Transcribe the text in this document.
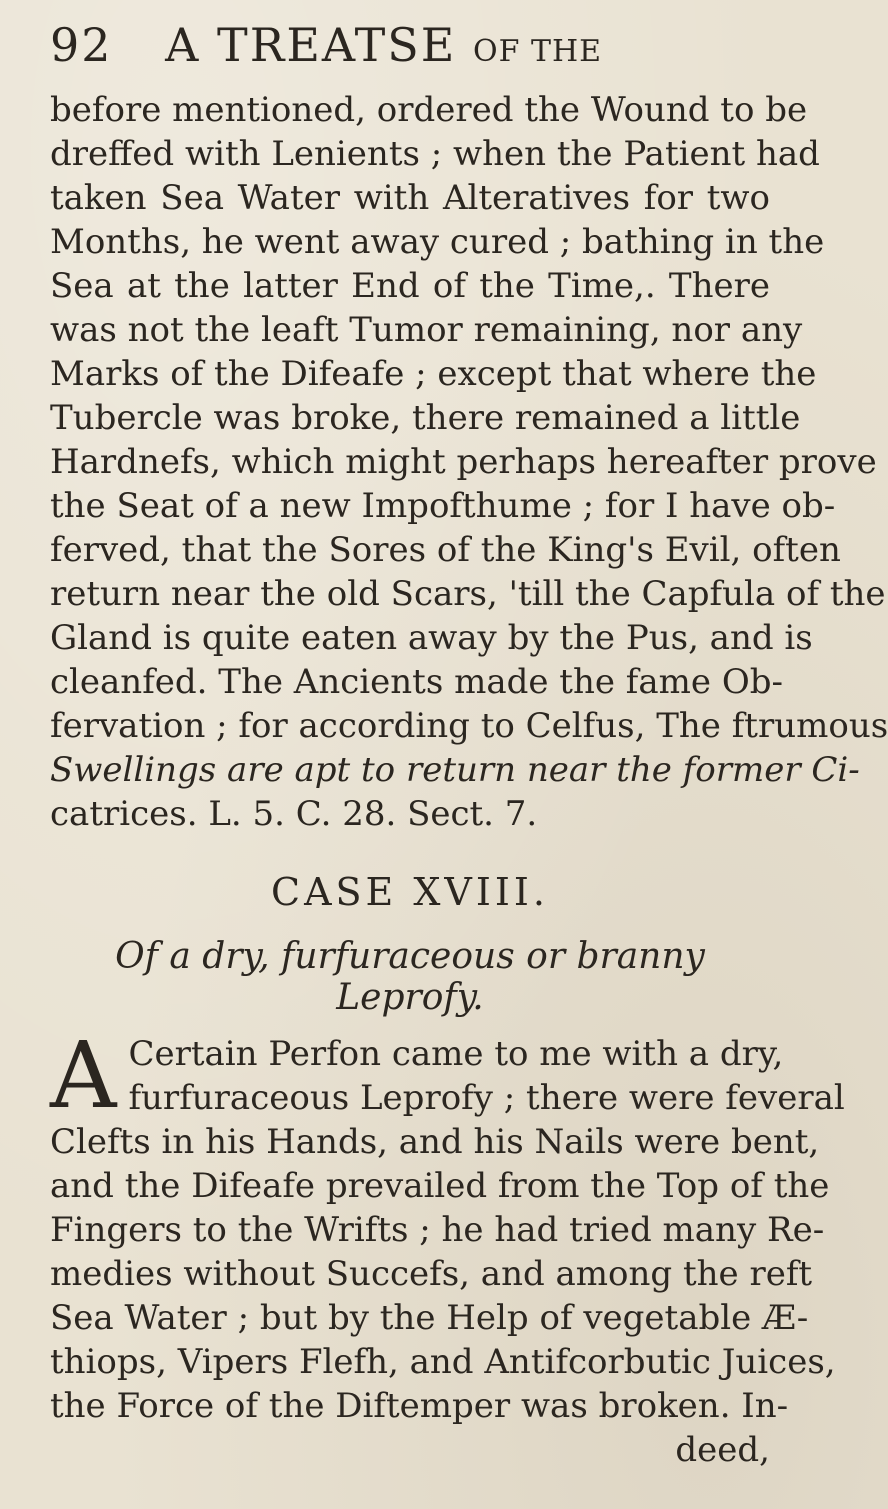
92 A TREATSE OF THE
before mentioned, ordered the Wound to be
dreffed with Lenients ; when the Patient had
taken Sea Water with Alteratives for two
Months, he went away cured ; bathing in the
Sea at the latter End of the Time,. There
was not the leaft Tumor remaining, nor any
Marks of the Difeafe ; except that where the
Tubercle was broke, there remained a little
Hardnefs, which might perhaps hereafter prove
the Seat of a new Impofthume ; for I have ob-
ferved, that the Sores of the King's Evil, often
return near the old Scars, 'till the Capfula of the
Gland is quite eaten away by the Pus, and is
cleanfed. The Ancients made the fame Ob-
fervation ; for according to Celfus, The ftrumous
Swellings are apt to return near the former Ci-
catrices. L. 5. C. 28. Sect. 7.
CASE XVIII.
Of a dry, furfuraceous or branny Leprofy.
A Certain Perfon came to me with a dry,
furfuraceous Leprofy ; there were feveral
Clefts in his Hands, and his Nails were bent,
and the Difeafe prevailed from the Top of the
Fingers to the Wrifts ; he had tried many Re-
medies without Succefs, and among the reft
Sea Water ; but by the Help of vegetable Æ-
thiops, Vipers Flefh, and Antifcorbutic Juices,
the Force of the Diftemper was broken. In-
deed,
